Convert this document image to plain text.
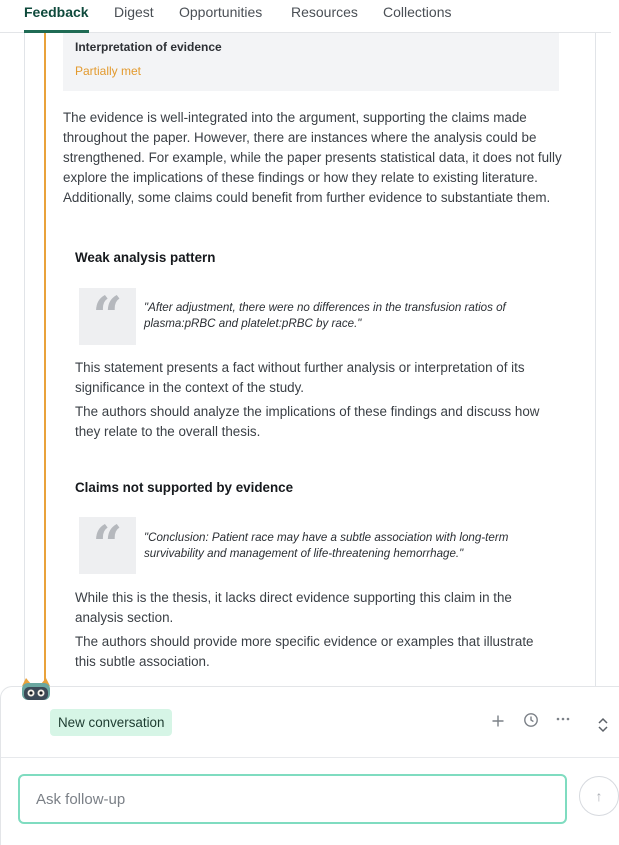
Feedback Digest Opportunities Resources Collections
Interpretation of evidence
Partially met
The evidence is well-integrated into the argument, supporting the claims made throughout the paper. However, there are instances where the analysis could be strengthened. For example, while the paper presents statistical data, it does not fully explore the implications of these findings or how they relate to existing literature. Additionally, some claims could benefit from further evidence to substantiate them.
Weak analysis pattern
“	"After adjustment, there were no differences in the transfusion ratios of plasma:pRBC and platelet:pRBC by race."
This statement presents a fact without further analysis or interpretation of its significance in the context of the study.
The authors should analyze the implications of these findings and discuss how they relate to the overall thesis.
Claims not supported by evidence
“	"Conclusion: Patient race may have a subtle association with long-term survivability and management of life-threatening hemorrhage."
While this is the thesis, it lacks direct evidence supporting this claim in the analysis section.
The authors should provide more specific evidence or examples that illustrate this subtle association.
New conversation
Ask follow-up
↑
